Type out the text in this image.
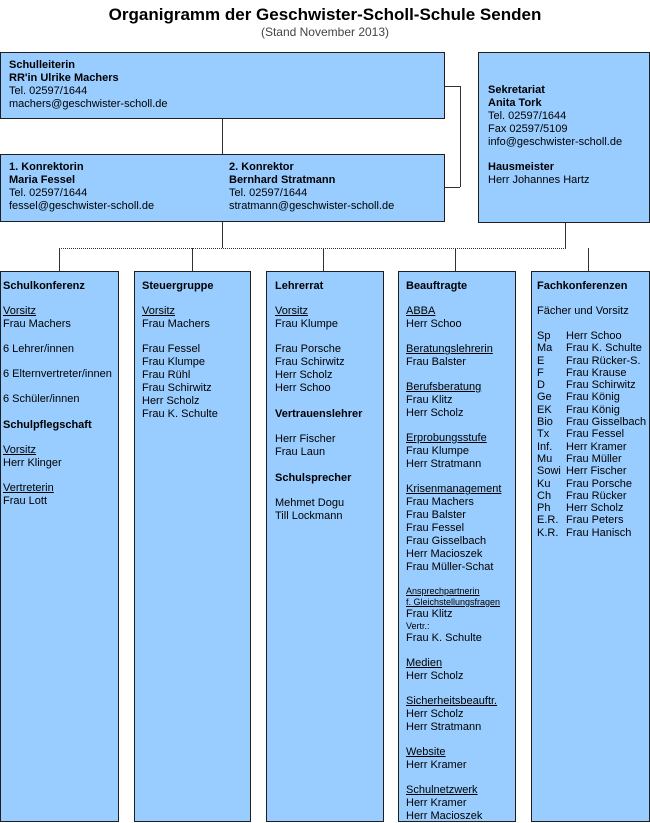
Organigramm der Geschwister-Scholl-Schule Senden
(Stand November 2013)
Schulleiterin
RR'in Ulrike Machers
Tel. 02597/1644
machers@geschwister-scholl.de
1. Konrektorin
Maria Fessel
Tel. 02597/1644
fessel@geschwister-scholl.de
2. Konrektor
Bernhard Stratmann
Tel. 02597/1644
stratmann@geschwister-scholl.de
Sekretariat
Anita Tork
Tel. 02597/1644
Fax 02597/5109
info@geschwister-scholl.de
Hausmeister
Herr Johannes Hartz
Schulkonferenz
Vorsitz
Frau Machers
6 Lehrer/innen
6 Elternvertreter/innen
6 Schüler/innen
Schulpflegschaft
Vorsitz
Herr Klinger
Vertreterin
Frau Lott
Steuergruppe
Vorsitz
Frau Machers
Frau Fessel
Frau Klumpe
Frau Rühl
Frau Schirwitz
Herr Scholz
Frau K. Schulte
Lehrerrat
Vorsitz
Frau Klumpe
Frau Porsche
Frau Schirwitz
Herr Scholz
Herr Schoo
Vertrauenslehrer
Herr Fischer
Frau Laun
Schulsprecher
Mehmet Dogu
Till Lockmann
Beauftragte
ABBA
Herr Schoo
Beratungslehrerin
Frau Balster
Berufsberatung
Frau Klitz
Herr Scholz
Erprobungsstufe
Frau Klumpe
Herr Stratmann
Krisenmanagement
Frau Machers
Frau Balster
Frau Fessel
Frau Gisselbach
Herr Macioszek
Frau Müller-Schat
Ansprechpartnerin
f. Gleichstellungsfragen
Frau Klitz
Vertr.:
Frau K. Schulte
Medien
Herr Scholz
Sicherheitsbeauftr.
Herr Scholz
Herr Stratmann
Website
Herr Kramer
Schulnetzwerk
Herr Kramer
Herr Macioszek
Fachkonferenzen
Fächer und Vorsitz
Sp	Herr Schoo
Ma	Frau K. Schulte
E	Frau Rücker-S.
F	Frau Krause
D	Frau Schirwitz
Ge	Frau König
EK	Frau König
Bio	Frau Gisselbach
Tx	Frau Fessel
Inf.	Herr Kramer
Mu	Frau Müller
Sowi	Herr Fischer
Ku	Frau Porsche
Ch	Frau Rücker
Ph	Herr Scholz
E.R.	Frau Peters
K.R.	Frau Hanisch
